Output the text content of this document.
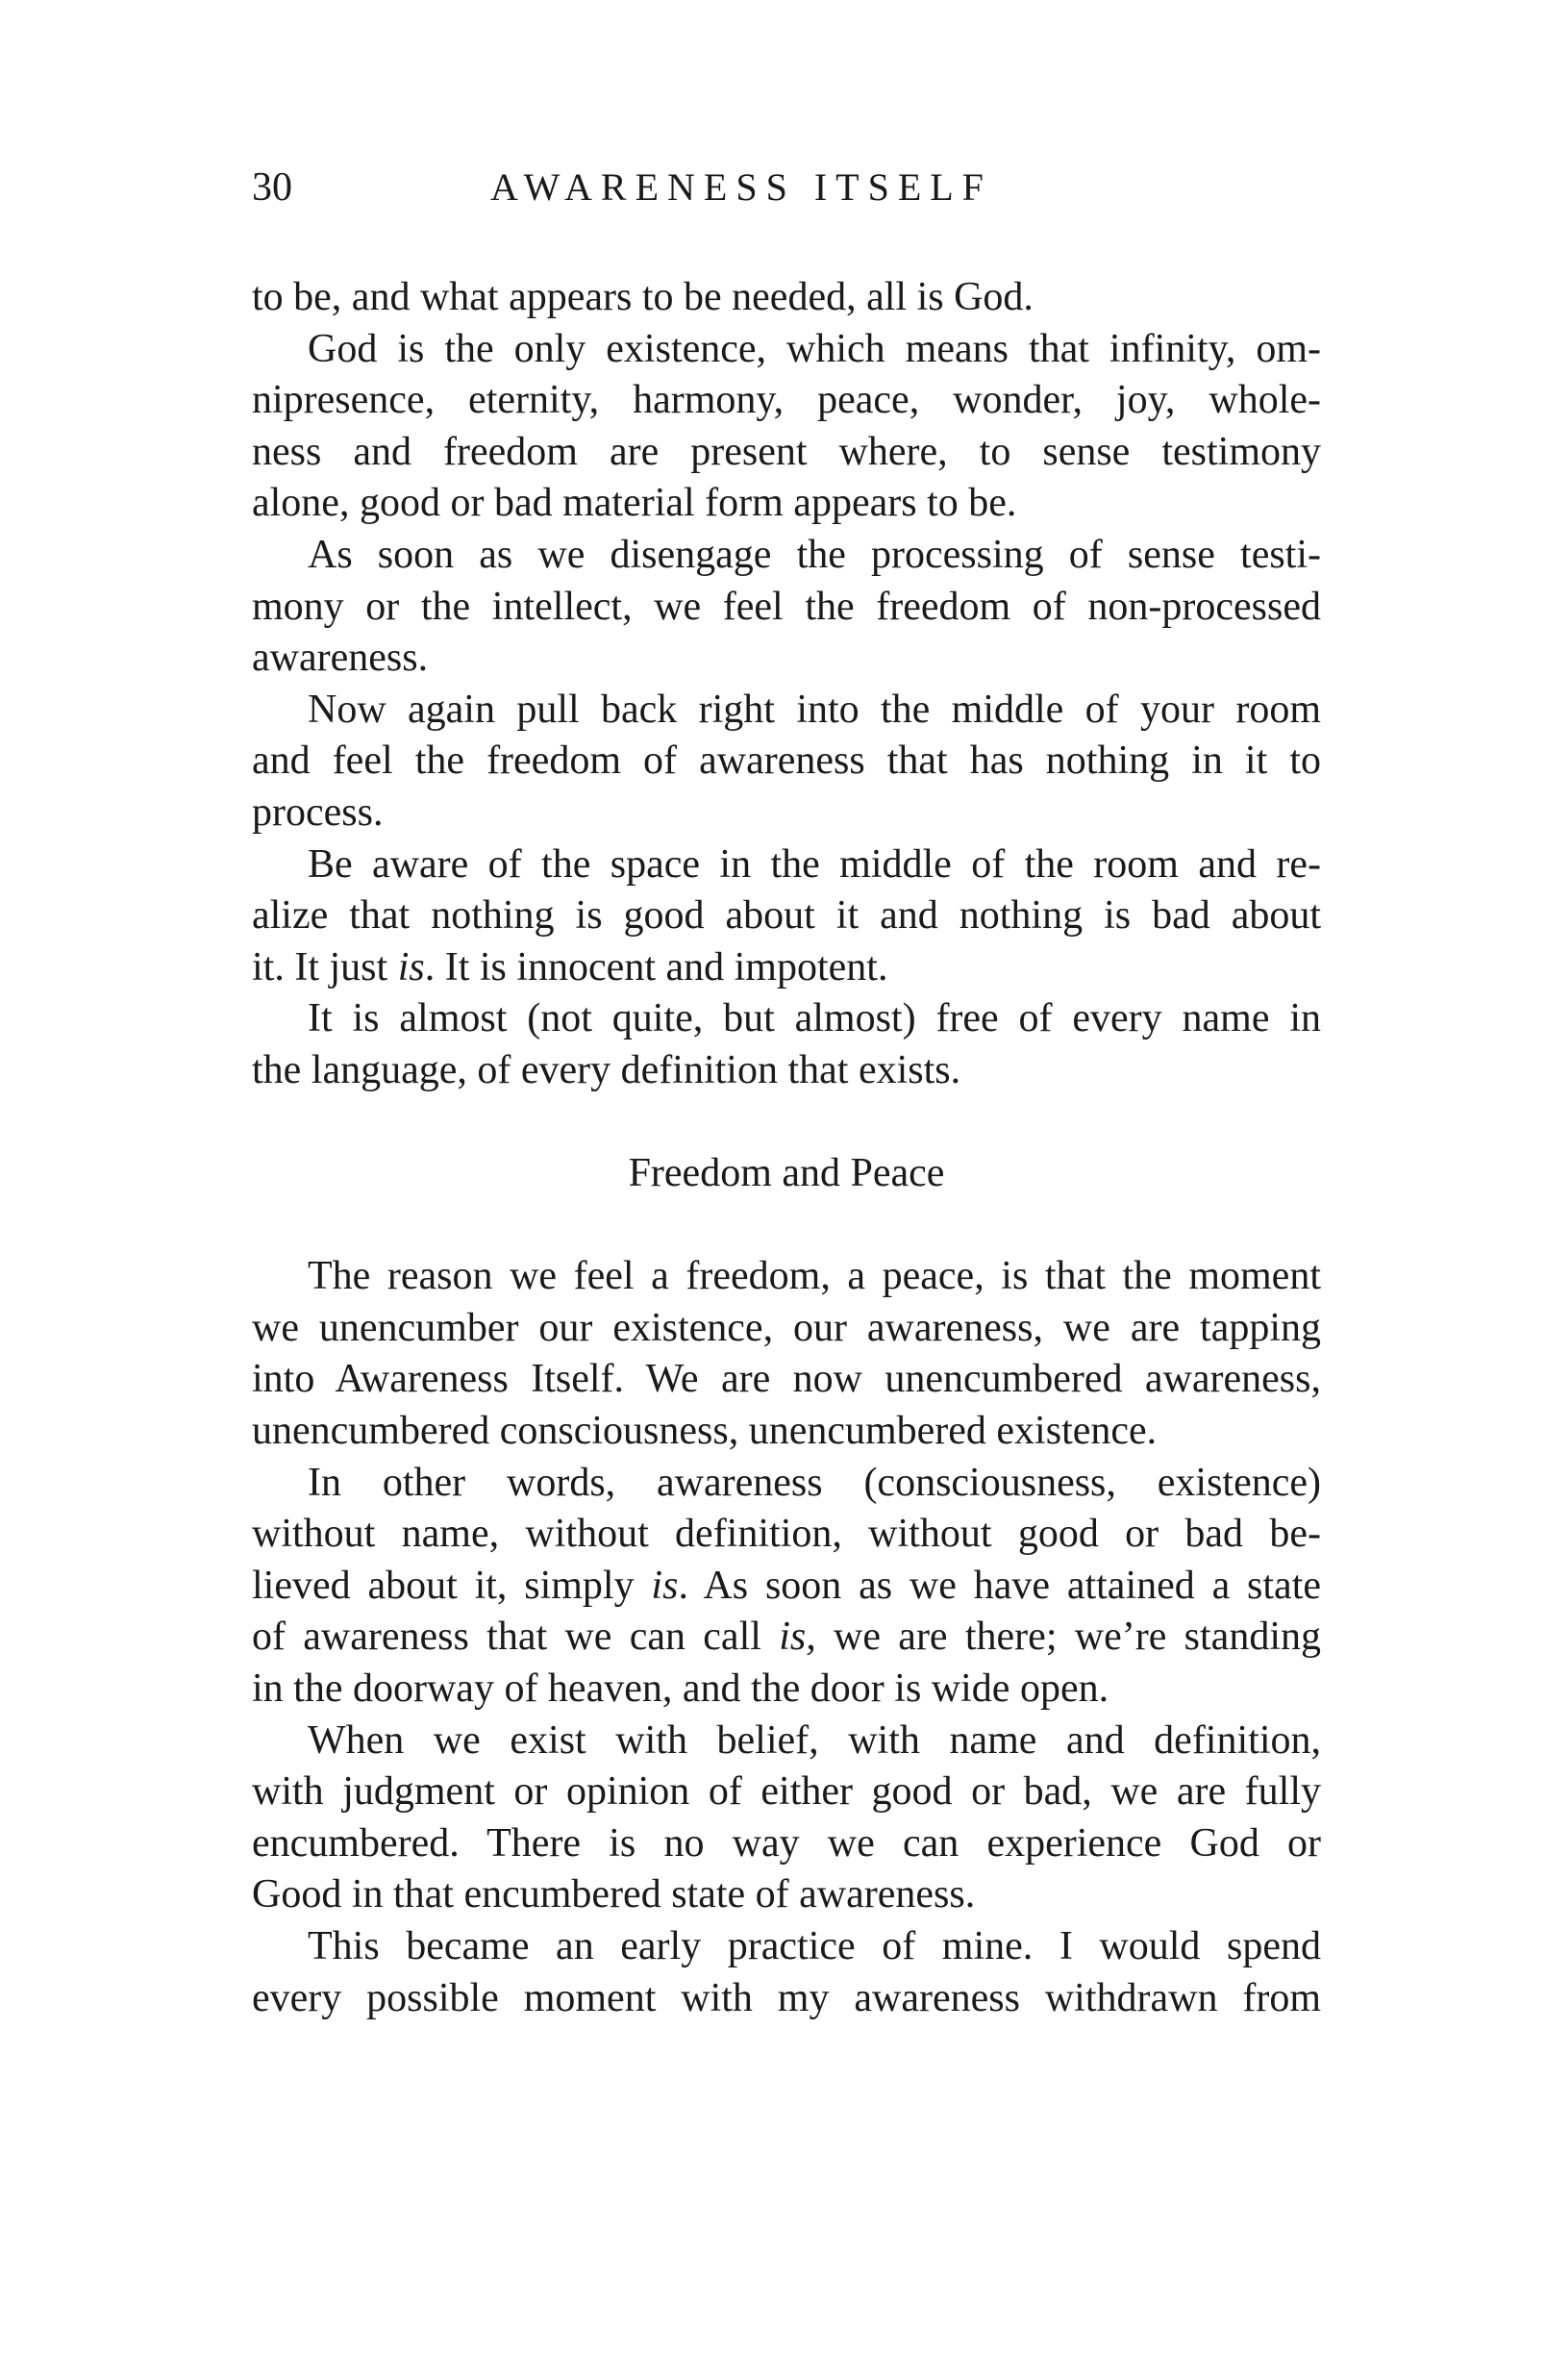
30	AWARENESS ITSELF
to be, and what appears to be needed, all is God.
God is the only existence, which means that infinity, om-
nipresence, eternity, harmony, peace, wonder, joy, whole-
ness and freedom are present where, to sense testimony
alone, good or bad material form appears to be.
As soon as we disengage the processing of sense testi-
mony or the intellect, we feel the freedom of non-processed
awareness.
Now again pull back right into the middle of your room
and feel the freedom of awareness that has nothing in it to
process.
Be aware of the space in the middle of the room and re-
alize that nothing is good about it and nothing is bad about
it. It just is. It is innocent and impotent.
It is almost (not quite, but almost) free of every name in
the language, of every definition that exists.
Freedom and Peace
The reason we feel a freedom, a peace, is that the moment
we unencumber our existence, our awareness, we are tapping
into Awareness Itself. We are now unencumbered awareness,
unencumbered consciousness, unencumbered existence.
In other words, awareness (consciousness, existence)
without name, without definition, without good or bad be-
lieved about it, simply is. As soon as we have attained a state
of awareness that we can call is, we are there; we’re standing
in the doorway of heaven, and the door is wide open.
When we exist with belief, with name and definition,
with judgment or opinion of either good or bad, we are fully
encumbered. There is no way we can experience God or
Good in that encumbered state of awareness.
This became an early practice of mine. I would spend
every possible moment with my awareness withdrawn from
